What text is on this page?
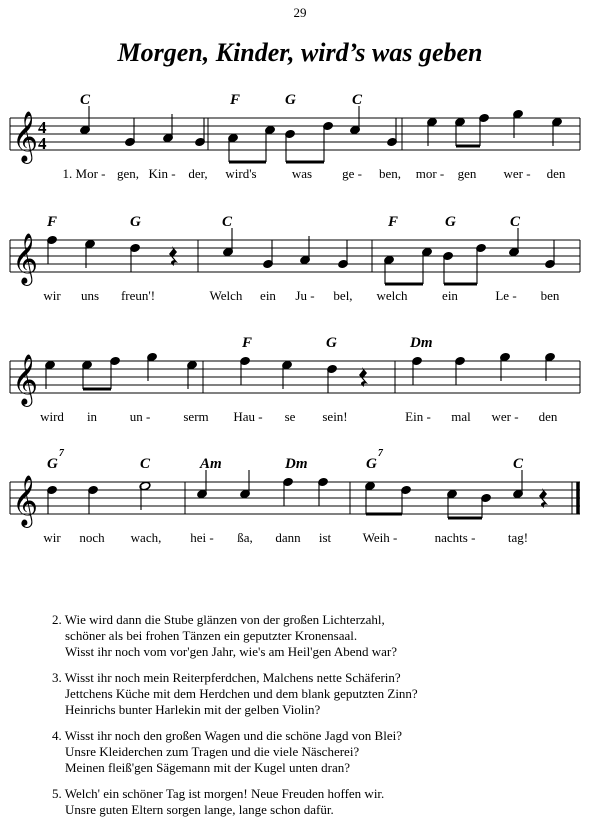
29
Morgen, Kinder, wird’s was geben
𝄞 4
4
C	F	G	C
1. Mor - gen, Kin - der, wird's	was ge - ben, mor - gen wer - den
𝄞
F	G	C	F	G	C
wir uns freun'!	Welch ein Ju - bel, welch	ein	Le - ben
𝄞
F	G	Dm
wird in	un -	serm Hau - se sein!	Ein - mal wer - den
𝄞
$G^7$
C	Am	Dm	$G^7$
C
wir noch wach, hei - ßa, dann ist Weih -	nachts - tag!
2. Wie wird dann die Stube glänzen von der großen Lichterzahl,
schöner als bei frohen Tänzen ein geputzter Kronensaal.
Wisst ihr noch vom vor'gen Jahr, wie's am Heil'gen Abend war?
3. Wisst ihr noch mein Reiterpferdchen, Malchens nette Schäferin?
Jettchens Küche mit dem Herdchen und dem blank geputzten Zinn?
Heinrichs bunter Harlekin mit der gelben Violin?
4. Wisst ihr noch den großen Wagen und die schöne Jagd von Blei?
Unsre Kleiderchen zum Tragen und die viele Näscherei?
Meinen fleiß'gen Sägemann mit der Kugel unten dran?
5. Welch' ein schöner Tag ist morgen! Neue Freuden hoffen wir.
Unsre guten Eltern sorgen lange, lange schon dafür.
